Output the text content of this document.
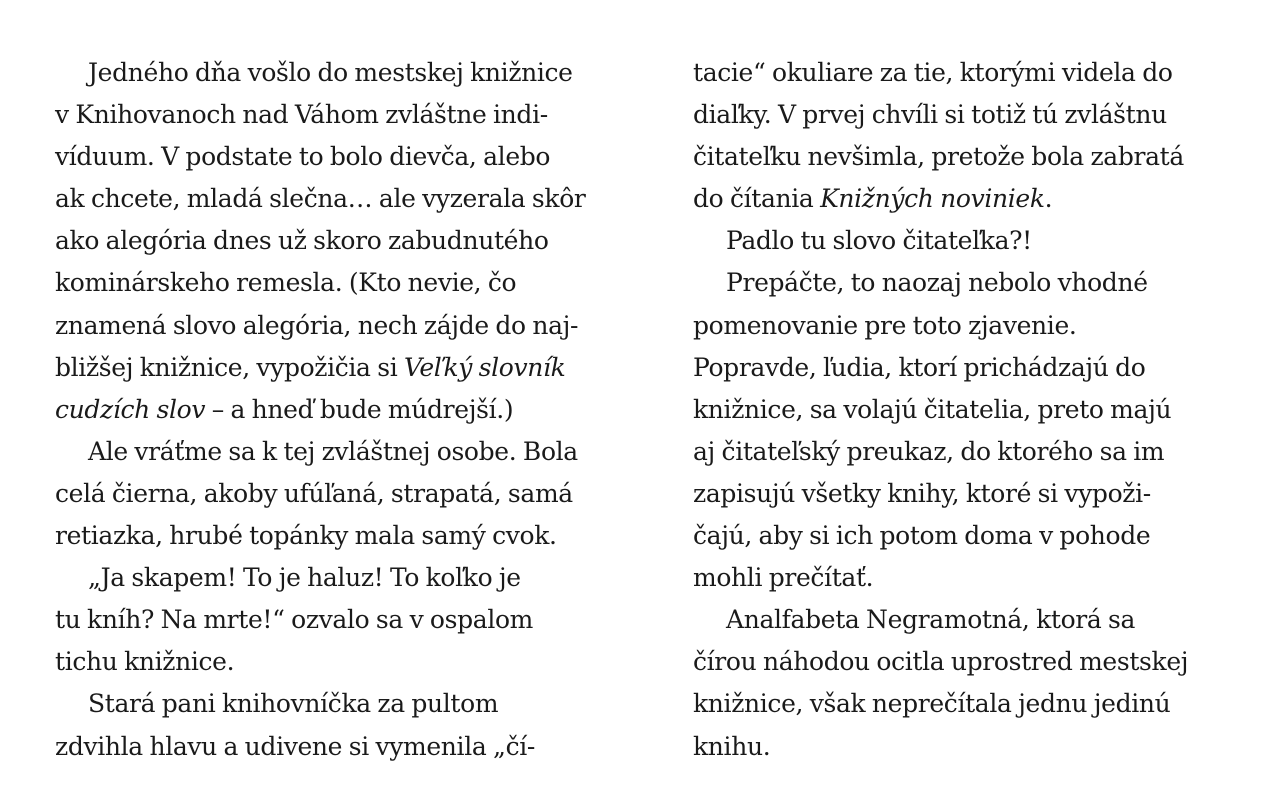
Jedného dňa vošlo do mestskej knižnice
v Knihovanoch nad Váhom zvláštne indi-
víduum. V podstate to bolo dievča, alebo
ak chcete, mladá slečna… ale vyzerala skôr
ako alegória dnes už skoro zabudnutého
kominárskeho remesla. (Kto nevie, čo
znamená slovo alegória, nech zájde do naj-
bližšej knižnice, vypožičia si Veľký slovník
cudzích slov – a hneď bude múdrejší.)
Ale vráťme sa k tej zvláštnej osobe. Bola
celá čierna, akoby ufúľaná, strapatá, samá
retiazka, hrubé topánky mala samý cvok.
„Ja skapem! To je haluz! To koľko je
tu kníh? Na mrte!“ ozvalo sa v ospalom
tichu knižnice.
Stará pani knihovníčka za pultom
zdvihla hlavu a udivene si vymenila „čí-
tacie“ okuliare za tie, ktorými videla do
diaľky. V prvej chvíli si totiž tú zvláštnu
čitateľku nevšimla, pretože bola zabratá
do čítania Knižných noviniek.
Padlo tu slovo čitateľka?!
Prepáčte, to naozaj nebolo vhodné
pomenovanie pre toto zjavenie.
Popravde, ľudia, ktorí prichádzajú do
knižnice, sa volajú čitatelia, preto majú
aj čitateľský preukaz, do ktorého sa im
zapisujú všetky knihy, ktoré si vypoži-
čajú, aby si ich potom doma v pohode
mohli prečítať.
Analfabeta Negramotná, ktorá sa
čírou náhodou ocitla uprostred mestskej
knižnice, však neprečítala jednu jedinú
knihu.
